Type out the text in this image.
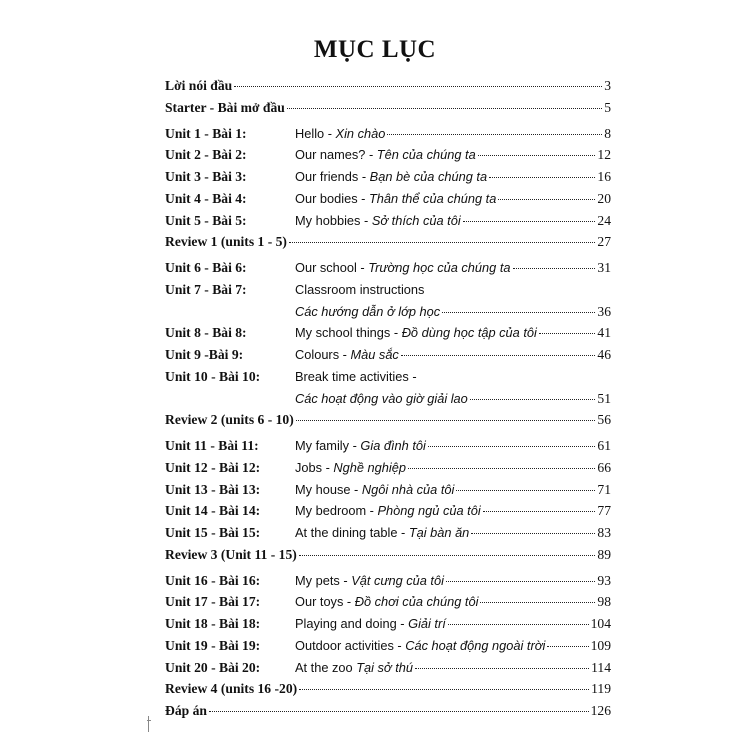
MỤC LỤC
Lời nói đầu	3
Starter - Bài mở đầu	5
Unit 1 - Bài 1:	Hello - Xin chào	8
Unit 2 - Bài 2:	Our names? - Tên của chúng ta	12
Unit 3 - Bài 3:	Our friends - Bạn bè của chúng ta	16
Unit 4 - Bài 4:	Our bodies - Thân thể của chúng ta	20
Unit 5 - Bài 5:	My hobbies - Sở thích của tôi	24
Review 1 (units 1 - 5)	27
Unit 6 - Bài 6:	Our school - Trường học của chúng ta	31
Unit 7 - Bài 7:	Classroom instructions
Các hướng dẫn ở lớp học	36
Unit 8 - Bài 8:	My school things - Đồ dùng học tập của tôi	41
Unit 9 -Bài 9:	Colours - Màu sắc	46
Unit 10 - Bài 10:	Break time activities -
Các hoạt động vào giờ giải lao	51
Review 2 (units 6 - 10)	56
Unit 11 - Bài 11:	My family - Gia đình tôi	61
Unit 12 - Bài 12:	Jobs - Nghề nghiệp	66
Unit 13 - Bài 13:	My house - Ngôi nhà của tôi	71
Unit 14 - Bài 14:	My bedroom - Phòng ngủ của tôi	77
Unit 15 - Bài 15:	At the dining table - Tại bàn ăn	83
Review 3 (Unit 11 - 15)	89
Unit 16 - Bài 16:	My pets - Vật cưng của tôi	93
Unit 17 - Bài 17:	Our toys - Đồ chơi của chúng tôi	98
Unit 18 - Bài 18:	Playing and doing - Giải trí	104
Unit 19 - Bài 19:	Outdoor activities - Các hoạt động ngoài trời	109
Unit 20 - Bài 20:	At the zoo Tại sở thú	114
Review 4 (units 16 -20)	119
Đáp án	126
